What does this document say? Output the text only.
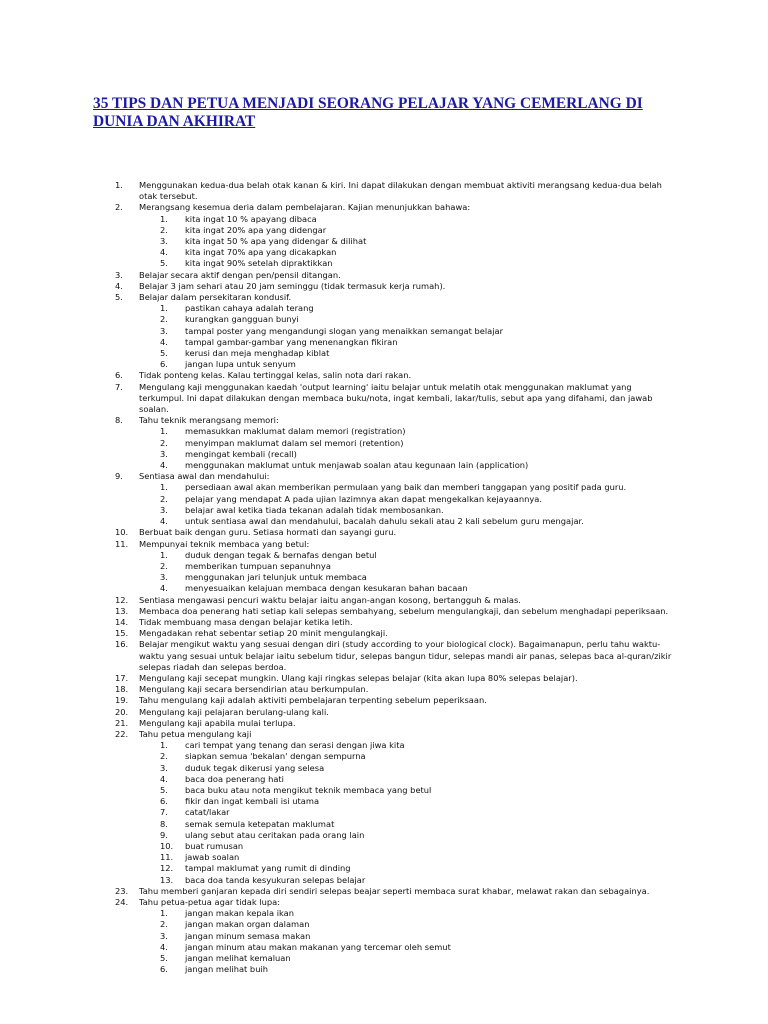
35 TIPS DAN PETUA MENJADI SEORANG PELAJAR YANG CEMERLANG DI DUNIA DAN AKHIRAT
1.	Menggunakan kedua-dua belah otak kanan & kiri. Ini dapat dilakukan dengan membuat aktiviti merangsang kedua-dua belah otak tersebut.
2.	Merangsang kesemua deria dalam pembelajaran. Kajian menunjukkan bahawa:
1.	kita ingat 10 % apayang dibaca
2.	kita ingat 20% apa yang didengar
3.	kita ingat 50 % apa yang didengar & dilihat
4.	kita ingat 70% apa yang dicakapkan
5.	kita ingat 90% setelah dipraktikkan
3.	Belajar secara aktif dengan pen/pensil ditangan.
4.	Belajar 3 jam sehari atau 20 jam seminggu (tidak termasuk kerja rumah).
5.	Belajar dalam persekitaran kondusif.
1.	pastikan cahaya adalah terang
2.	kurangkan gangguan bunyi
3.	tampal poster yang mengandungi slogan yang menaikkan semangat belajar
4.	tampal gambar-gambar yang menenangkan fikiran
5.	kerusi dan meja menghadap kiblat
6.	jangan lupa untuk senyum
6.	Tidak ponteng kelas. Kalau tertinggal kelas, salin nota dari rakan.
7.	Mengulang kaji menggunakan kaedah 'output learning' iaitu belajar untuk melatih otak menggunakan maklumat yang terkumpul. Ini dapat dilakukan dengan membaca buku/nota, ingat kembali, lakar/tulis, sebut apa yang difahami, dan jawab soalan.
8.	Tahu teknik merangsang memori:
1.	memasukkan maklumat dalam memori (registration)
2.	menyimpan maklumat dalam sel memori (retention)
3.	mengingat kembali (recall)
4.	menggunakan maklumat untuk menjawab soalan atau kegunaan lain (application)
9.	Sentiasa awal dan mendahului:
1.	persediaan awal akan memberikan permulaan yang baik dan memberi tanggapan yang positif pada guru.
2.	pelajar yang mendapat A pada ujian lazimnya akan dapat mengekalkan kejayaannya.
3.	belajar awal ketika tiada tekanan adalah tidak membosankan.
4.	untuk sentiasa awal dan mendahului, bacalah dahulu sekali atau 2 kali sebelum guru mengajar.
10.	Berbuat baik dengan guru. Setiasa hormati dan sayangi guru.
11.	Mempunyai teknik membaca yang betul:
1.	duduk dengan tegak & bernafas dengan betul
2.	memberikan tumpuan sepanuhnya
3.	menggunakan jari telunjuk untuk membaca
4.	menyesuaikan kelajuan membaca dengan kesukaran bahan bacaan
12.	Sentiasa mengawasi pencuri waktu belajar iaitu angan-angan kosong, bertangguh & malas.
13.	Membaca doa penerang hati setiap kali selepas sembahyang, sebelum mengulangkaji, dan sebelum menghadapi peperiksaan.
14.	Tidak membuang masa dengan belajar ketika letih.
15.	Mengadakan rehat sebentar setiap 20 minit mengulangkaji.
16.	Belajar mengikut waktu yang sesuai dengan diri (study according to your biological clock). Bagaimanapun, perlu tahu waktu-waktu yang sesuai untuk belajar iaitu sebelum tidur, selepas bangun tidur, selepas mandi air panas, selepas baca al-quran/zikir selepas riadah dan selepas berdoa.
17.	Mengulang kaji secepat mungkin. Ulang kaji ringkas selepas belajar (kita akan lupa 80% selepas belajar).
18.	Mengulang kaji secara bersendirian atau berkumpulan.
19.	Tahu mengulang kaji adalah aktiviti pembelajaran terpenting sebelum peperiksaan.
20.	Mengulang kaji pelajaran berulang-ulang kali.
21.	Mengulang kaji apabila mulai terlupa.
22.	Tahu petua mengulang kaji
1.	cari tempat yang tenang dan serasi dengan jiwa kita
2.	siapkan semua 'bekalan' dengan sempurna
3.	duduk tegak dikerusi yang selesa
4.	baca doa penerang hati
5.	baca buku atau nota mengikut teknik membaca yang betul
6.	fikir dan ingat kembali isi utama
7.	catat/lakar
8.	semak semula ketepatan maklumat
9.	ulang sebut atau ceritakan pada orang lain
10.	buat rumusan
11.	jawab soalan
12.	tampal maklumat yang rumit di dinding
13.	baca doa tanda kesyukuran selepas belajar
23.	Tahu memberi ganjaran kepada diri sendiri selepas beajar seperti membaca surat khabar, melawat rakan dan sebagainya.
24.	Tahu petua-petua agar tidak lupa:
1.	jangan makan kepala ikan
2.	jangan makan organ dalaman
3.	jangan minum semasa makan
4.	jangan minum atau makan makanan yang tercemar oleh semut
5.	jangan melihat kemaluan
6.	jangan melihat buih
